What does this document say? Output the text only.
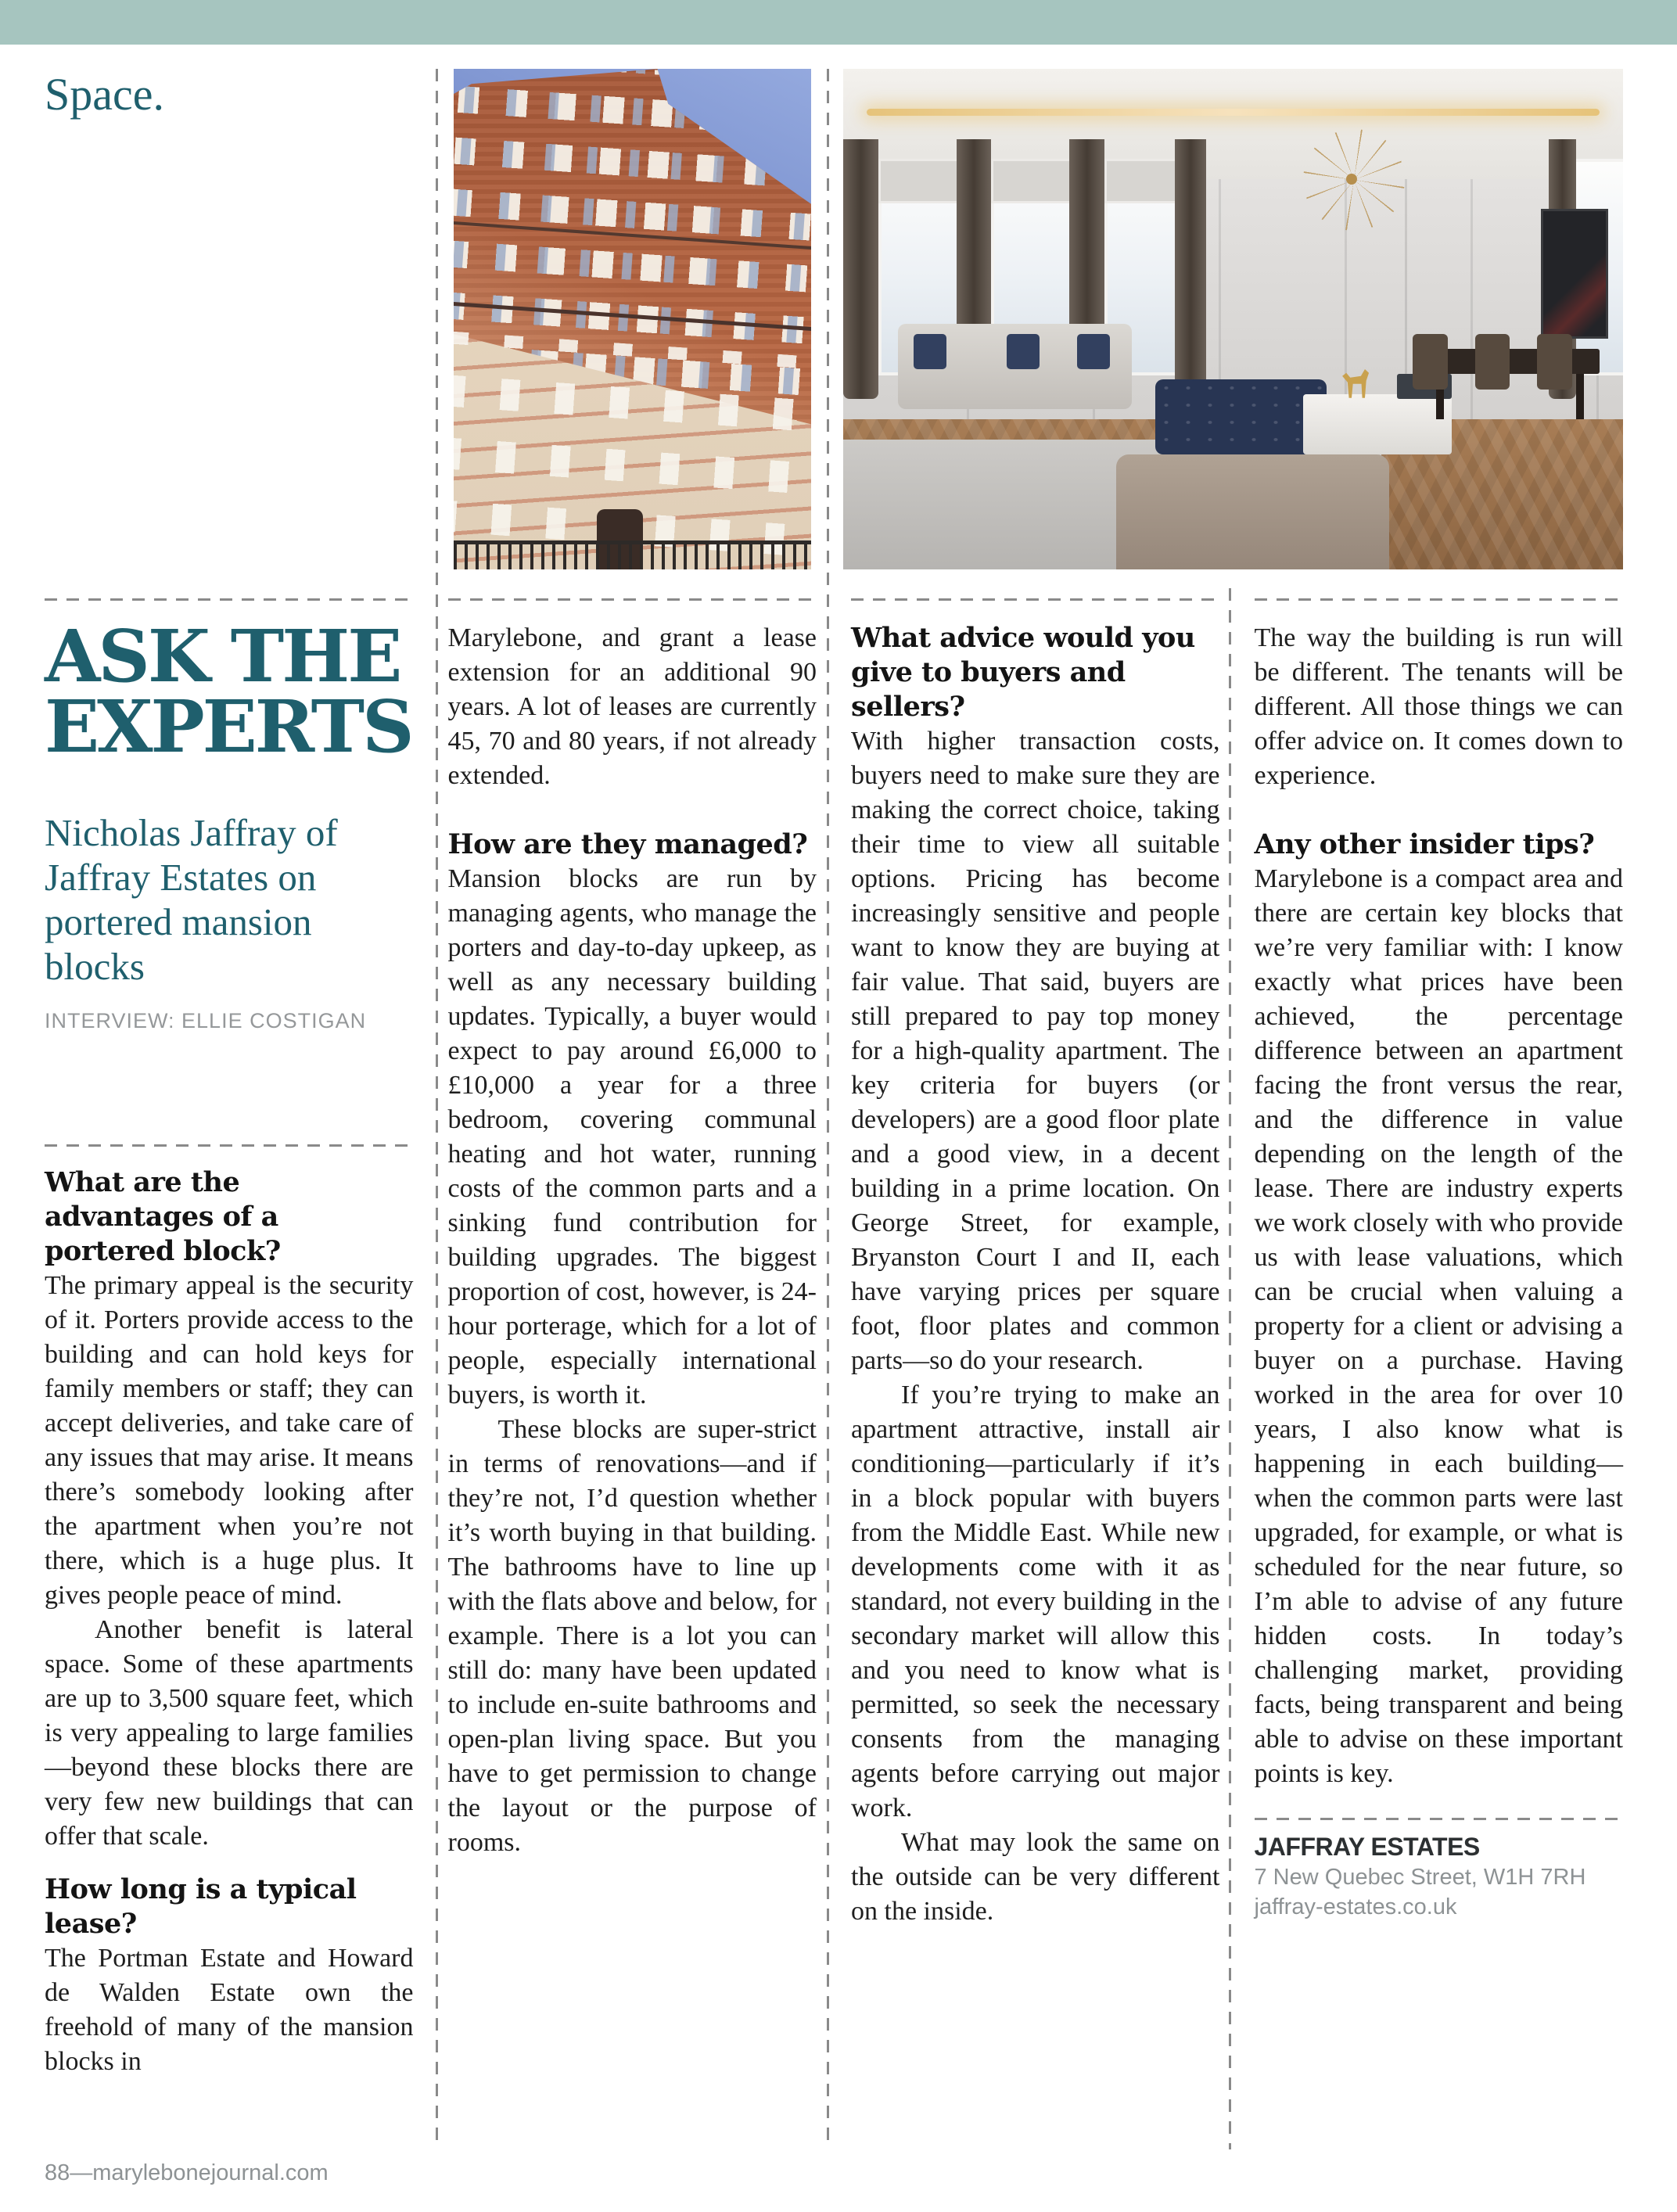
Space.
ASK THE
EXPERTS
Nicholas Jaffray of Jaffray Estates on portered mansion blocks
INTERVIEW: ELLIE COSTIGAN
What are the advantages of a portered block?

The primary appeal is the security of it. Porters provide access to the building and can hold keys for family members or staff; they can accept deliveries, and take care of any issues that may arise. It means there’s somebody looking after the apartment when you’re not there, which is a huge plus. It gives people peace of mind.

Another benefit is lateral space. Some of these apartments are up to 3,500 square feet, which is very appealing to large families—beyond these blocks there are very few new buildings that can offer that scale.

How long is a typical lease?

The Portman Estate and Howard de Walden Estate own the freehold of many of the mansion blocks in

Marylebone, and grant a lease extension for an additional 90 years. A lot of leases are currently 45, 70 and 80 years, if not already extended.

How are they managed?

Mansion blocks are run by managing agents, who manage the porters and day-to-day upkeep, as well as any necessary building updates. Typically, a buyer would expect to pay around £6,000 to £10,000 a year for a three bedroom, covering communal heating and hot water, running costs of the common parts and a sinking fund contribution for building upgrades. The biggest proportion of cost, however, is 24-hour porterage, which for a lot of people, especially international buyers, is worth it.

These blocks are super-strict in terms of renovations—and if they’re not, I’d question whether it’s worth buying in that building. The bathrooms have to line up with the flats above and below, for example. There is a lot you can still do: many have been updated to include en-suite bathrooms and open-plan living space. But you have to get permission to change the layout or the purpose of rooms.

What advice would you give to buyers and sellers?

With higher transaction costs, buyers need to make sure they are making the correct choice, taking their time to view all suitable options. Pricing has become increasingly sensitive and people want to know they are buying at fair value. That said, buyers are still prepared to pay top money for a high-quality apartment. The key criteria for buyers (or developers) are a good floor plate and a good view, in a decent building in a prime location. On George Street, for example, Bryanston Court I and II, each have varying prices per square foot, floor plates and common parts—so do your research.

If you’re trying to make an apartment attractive, install air conditioning—particularly if it’s in a block popular with buyers from the Middle East. While new developments come with it as standard, not every building in the secondary market will allow this and you need to know what is permitted, so seek the necessary consents from the managing agents before carrying out major work.

What may look the same on the outside can be very different on the inside.

The way the building is run will be different. The tenants will be different. All those things we can offer advice on. It comes down to experience.

Any other insider tips?

Marylebone is a compact area and there are certain key blocks that we’re very familiar with: I know exactly what prices have been achieved, the percentage difference between an apartment facing the front versus the rear, and the difference in value depending on the length of the lease. There are industry experts we work closely with who provide us with lease valuations, which can be crucial when valuing a property for a client or advising a buyer on a purchase. Having worked in the area for over 10 years, I also know what is happening in each building—when the common parts were last upgraded, for example, or what is scheduled for the near future, so I’m able to advise of any future hidden costs. In today’s challenging market, providing facts, being transparent and being able to advise on these important points is key.

JAFFRAY ESTATES
7 New Quebec Street, W1H 7RH
jaffray-estates.co.uk
88—marylebonejournal.com
